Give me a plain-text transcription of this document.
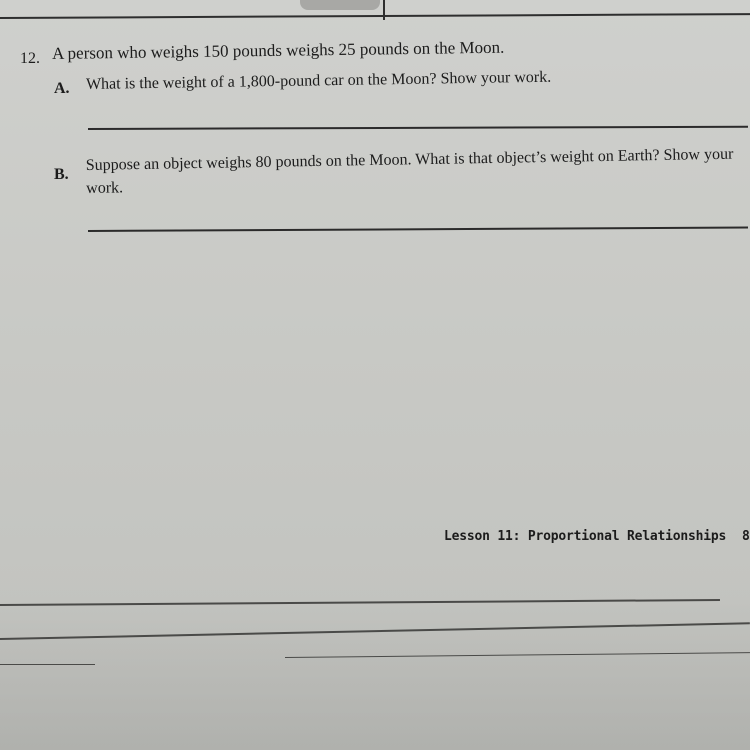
12. A person who weighs 150 pounds weighs 25 pounds on the Moon.
A. What is the weight of a 1,800-pound car on the Moon? Show your work.
B.
Suppose an object weighs 80 pounds on the Moon. What is that object’s weight on Earth? Show your work.
Lesson 11: Proportional Relationships 8
